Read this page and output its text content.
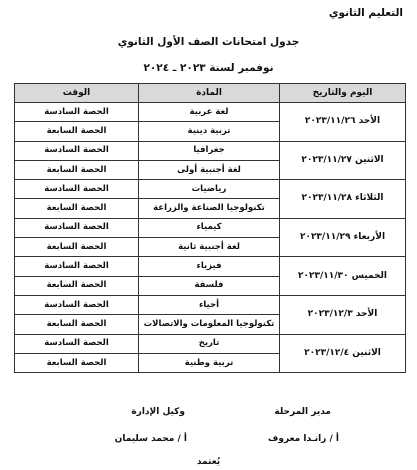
التعليم الثانوي
جدول امتحانات الصف الأول الثانوي
نوفمبر لسنة ٢٠٢٣ ـ ٢٠٢٤
اليوم والتاريخ	المادة	الوقت
الأحد ٢٠٢٣/١١/٢٦	لغة عربية	الحصة السادسة
	تربية دينية	الحصة السابعة
الاثنين ٢٠٢٣/١١/٢٧	جغرافيا	الحصة السادسة
	لغة أجنبية أولى	الحصة السابعة
الثلاثاء ٢٠٢٣/١١/٢٨	رياضيات	الحصة السادسة
	تكنولوجيا الصناعة والزراعة	الحصة السابعة
الأربعاء ٢٠٢٣/١١/٢٩	كيمياء	الحصة السادسة
	لغة أجنبية ثانية	الحصة السابعة
الخميس ٢٠٢٣/١١/٣٠	فيزياء	الحصة السادسة
	فلسفة	الحصة السابعة
الأحد ٢٠٢٣/١٢/٣	أحياء	الحصة السادسة
	تكنولوجيا المعلومات والاتصالات	الحصة السابعة
الاثنين ٢٠٢٣/١٢/٤	تاريخ	الحصة السادسة
	تربية وطنية	الحصة السابعة
مدير المرحلة
وكيل الإدارة
أ / رانـدا معروف
أ / محمد سليمان
يُعتمد
